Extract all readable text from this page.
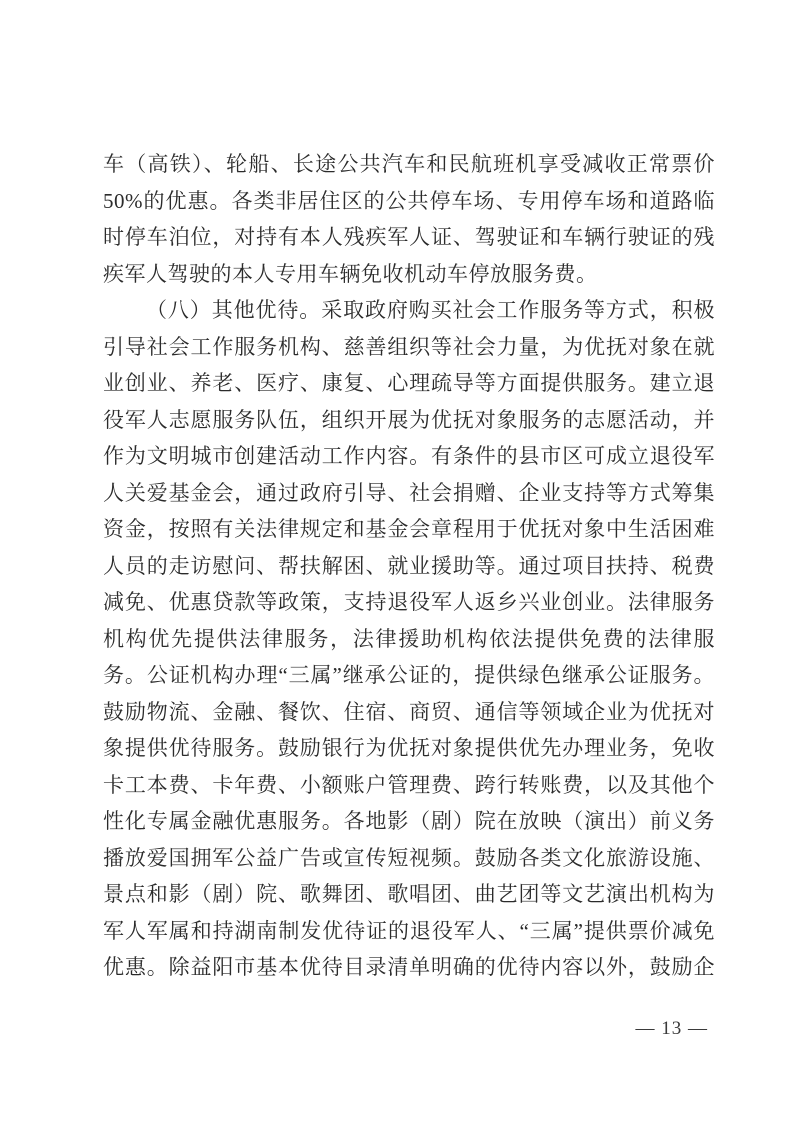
车（高铁）、轮船、长途公共汽车和民航班机享受减收正常票价

50%的优惠。各类非居住区的公共停车场、专用停车场和道路临

时停车泊位，对持有本人残疾军人证、驾驶证和车辆行驶证的残

疾军人驾驶的本人专用车辆免收机动车停放服务费。

（八）其他优待。采取政府购买社会工作服务等方式，积极

引导社会工作服务机构、慈善组织等社会力量，为优抚对象在就

业创业、养老、医疗、康复、心理疏导等方面提供服务。建立退

役军人志愿服务队伍，组织开展为优抚对象服务的志愿活动，并

作为文明城市创建活动工作内容。有条件的县市区可成立退役军

人关爱基金会，通过政府引导、社会捐赠、企业支持等方式筹集

资金，按照有关法律规定和基金会章程用于优抚对象中生活困难

人员的走访慰问、帮扶解困、就业援助等。通过项目扶持、税费

减免、优惠贷款等政策，支持退役军人返乡兴业创业。法律服务

机构优先提供法律服务，法律援助机构依法提供免费的法律服

务。公证机构办理“三属”继承公证的，提供绿色继承公证服务。

鼓励物流、金融、餐饮、住宿、商贸、通信等领域企业为优抚对

象提供优待服务。鼓励银行为优抚对象提供优先办理业务，免收

卡工本费、卡年费、小额账户管理费、跨行转账费，以及其他个

性化专属金融优惠服务。各地影（剧）院在放映（演出）前义务

播放爱国拥军公益广告或宣传短视频。鼓励各类文化旅游设施、

景点和影（剧）院、歌舞团、歌唱团、曲艺团等文艺演出机构为

军人军属和持湖南制发优待证的退役军人、“三属”提供票价减免

优惠。除益阳市基本优待目录清单明确的优待内容以外，鼓励企

— 13 —
